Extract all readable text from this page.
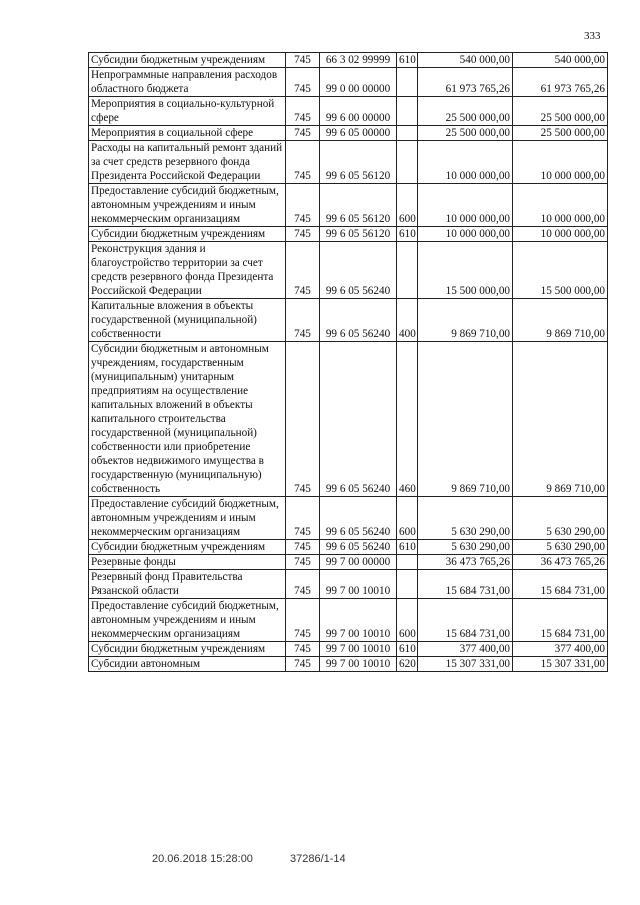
333
Субсидии бюджетным учреждениям	745	66 3 02 99999	610	540 000,00	540 000,00
Непрограммные направления расходов областного бюджета	745	99 0 00 00000		61 973 765,26	61 973 765,26
Мероприятия в социально-культурной сфере	745	99 6 00 00000		25 500 000,00	25 500 000,00
Мероприятия в социальной сфере	745	99 6 05 00000		25 500 000,00	25 500 000,00
Расходы на капитальный ремонт зданий за счет средств резервного фонда Президента Российской Федерации	745	99 6 05 56120		10 000 000,00	10 000 000,00
Предоставление субсидий бюджетным, автономным учреждениям и иным некоммерческим организациям	745	99 6 05 56120	600	10 000 000,00	10 000 000,00
Субсидии бюджетным учреждениям	745	99 6 05 56120	610	10 000 000,00	10 000 000,00
Реконструкция здания и благоустройство территории за счет средств резервного фонда Президента Российской Федерации	745	99 6 05 56240		15 500 000,00	15 500 000,00
Капитальные вложения в объекты государственной (муниципальной) собственности	745	99 6 05 56240	400	9 869 710,00	9 869 710,00
Субсидии бюджетным и автономным учреждениям, государственным (муниципальным) унитарным предприятиям на осуществление капитальных вложений в объекты капитального строительства государственной (муниципальной) собственности или приобретение объектов недвижимого имущества в государственную (муниципальную) собственность	745	99 6 05 56240	460	9 869 710,00	9 869 710,00
Предоставление субсидий бюджетным, автономным учреждениям и иным некоммерческим организациям	745	99 6 05 56240	600	5 630 290,00	5 630 290,00
Субсидии бюджетным учреждениям	745	99 6 05 56240	610	5 630 290,00	5 630 290,00
Резервные фонды	745	99 7 00 00000		36 473 765,26	36 473 765,26
Резервный фонд Правительства Рязанской области	745	99 7 00 10010		15 684 731,00	15 684 731,00
Предоставление субсидий бюджетным, автономным учреждениям и иным некоммерческим организациям	745	99 7 00 10010	600	15 684 731,00	15 684 731,00
Субсидии бюджетным учреждениям	745	99 7 00 10010	610	377 400,00	377 400,00
Субсидии автономным	745	99 7 00 10010	620	15 307 331,00	15 307 331,00
20.06.2018 15:28:00	37286/1-14
